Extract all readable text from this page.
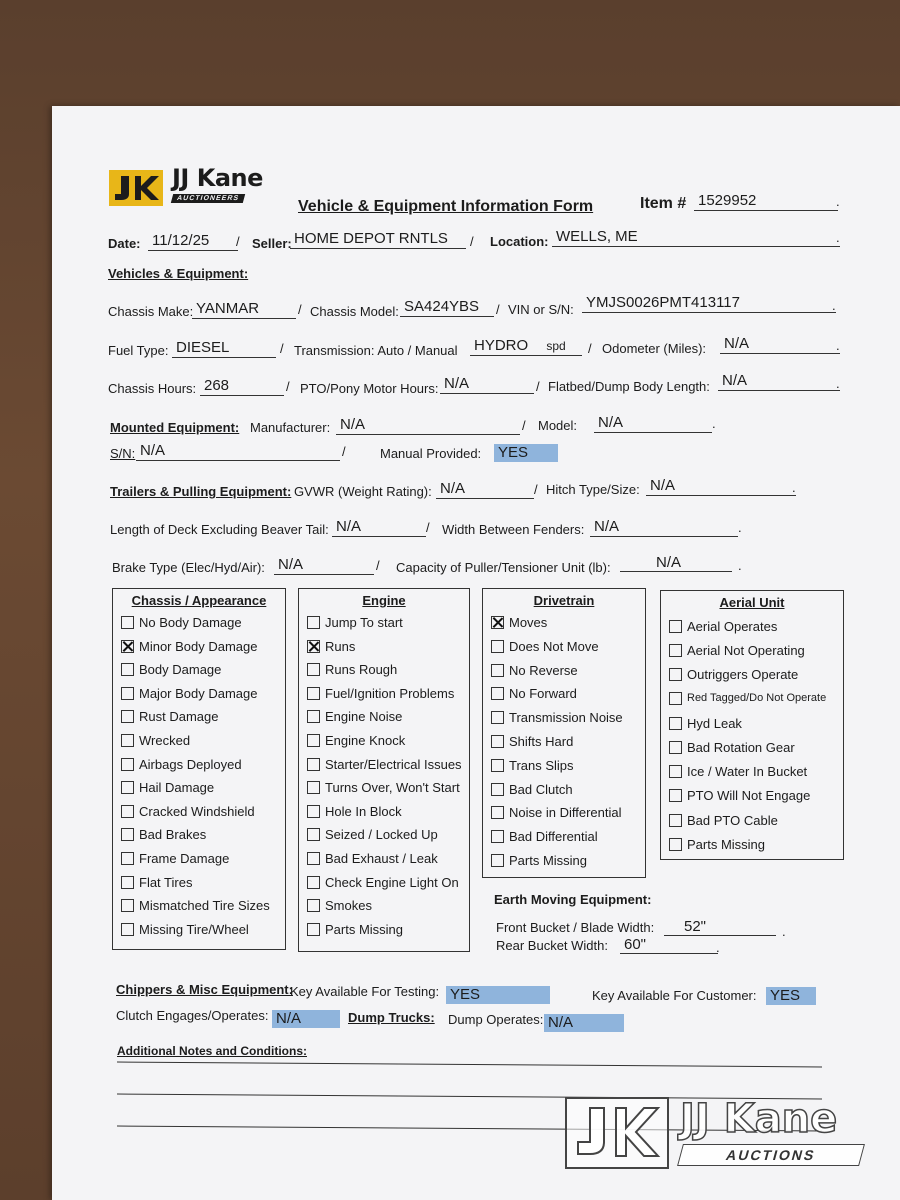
JJ Kane
AUCTIONEERS	Vehicle & Equipment Information Form	Item # 1529952	.
Date: 11/12/25	/ Seller: HOME DEPOT RNTLS	/ Location: WELLS, ME	.
Vehicles & Equipment:
Chassis Make: YANMAR	/ Chassis Model: SA424YBS	/ VIN or S/N: YMJS0026PMT413117	.
Fuel Type: DIESEL	/ Transmission: Auto / Manual HYDRO spd	/ Odometer (Miles): N/A	.
Chassis Hours: 268	/ PTO/Pony Motor Hours: N/A	/ Flatbed/Dump Body Length: N/A	.
Mounted Equipment: Manufacturer: N/A	/ Model: N/A	.
S/N: N/A	/	Manual Provided: YES
Trailers & Pulling Equipment: GVWR (Weight Rating): N/A	/ Hitch Type/Size: N/A	.
Length of Deck Excluding Beaver Tail: N/A	/ Width Between Fenders: N/A	.
Brake Type (Elec/Hyd/Air): N/A	/ Capacity of Puller/Tensioner Unit (lb):	N/A	.
Chassis / Appearance
No Body Damage
Minor Body Damage
Body Damage
Major Body Damage
Rust Damage
Wrecked
Airbags Deployed
Hail Damage
Cracked Windshield
Bad Brakes
Frame Damage
Flat Tires
Mismatched Tire Sizes
Missing Tire/Wheel
Engine
Jump To start
Runs
Runs Rough
Fuel/Ignition Problems
Engine Noise
Engine Knock
Starter/Electrical Issues
Turns Over, Won't Start
Hole In Block
Seized / Locked Up
Bad Exhaust / Leak
Check Engine Light On
Smokes
Parts Missing
Drivetrain
Moves
Does Not Move
No Reverse
No Forward
Transmission Noise
Shifts Hard
Trans Slips
Bad Clutch
Noise in Differential
Bad Differential
Parts Missing
Aerial Unit
Aerial Operates
Aerial Not Operating
Outriggers Operate
Red Tagged/Do Not Operate
Hyd Leak
Bad Rotation Gear
Ice / Water In Bucket
PTO Will Not Engage
Bad PTO Cable
Parts Missing
Earth Moving Equipment:
Front Bucket / Blade Width:	52"	.
Rear Bucket Width: 60"	.
Chippers & Misc Equipment:
Key Available For Testing: YES	Key Available For Customer: YES
Clutch Engages/Operates: N/A	Dump Trucks: Dump Operates: N/A
Additional Notes and Conditions:
JJ Kane
AUCTIONS
